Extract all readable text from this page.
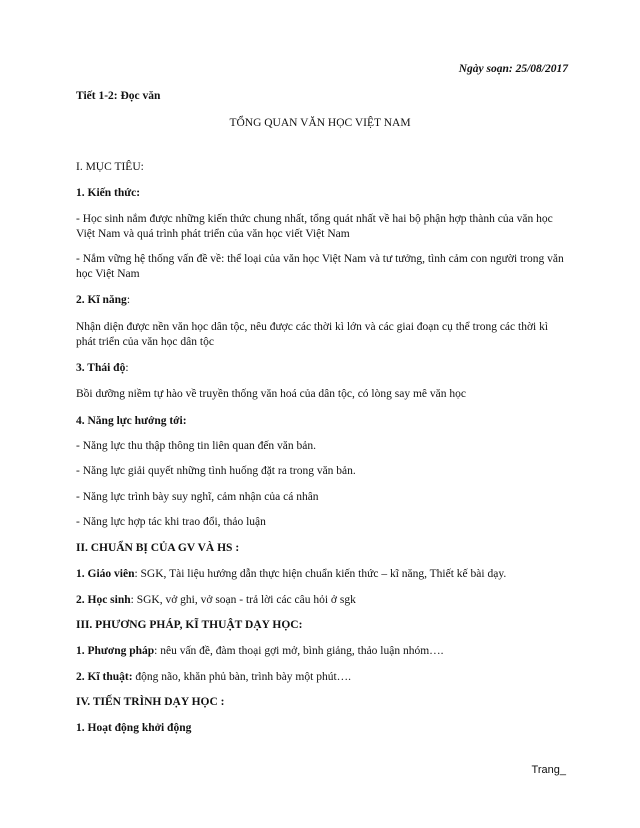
Ngày soạn: 25/08/2017

Tiết 1-2: Đọc văn

TỔNG QUAN VĂN HỌC VIỆT NAM

I. MỤC TIÊU:

1. Kiến thức:

- Học sinh nắm được những kiến thức chung nhất, tổng quát nhất về hai bộ phận hợp thành của văn học Việt Nam và quá trình phát triển của văn học viết Việt Nam

- Nắm vững hệ thống vấn đề về: thể loại của văn học Việt Nam và tư tưởng, tình cảm con người trong văn học Việt Nam

2. Kĩ năng:

Nhận diện được nền văn học dân tộc, nêu được các thời kì lớn và các giai đoạn cụ thể trong các thời kì phát triển của văn học dân tộc

3. Thái độ:

Bồi dưỡng niềm tự hào về truyền thống văn hoá của dân tộc, có lòng say mê văn học

4. Năng lực hướng tới:

- Năng lực thu thập thông tin liên quan đến văn bản.

- Năng lực giải quyết những tình huống đặt ra trong văn bản.

- Năng lực trình bày suy nghĩ, cảm nhận của cá nhân

- Năng lực hợp tác khi trao đổi, thảo luận

II. CHUẨN BỊ CỦA GV VÀ HS :

1. Giáo viên: SGK, Tài liệu hướng dẫn thực hiện chuẩn kiến thức – kĩ năng, Thiết kế bài dạy.

2. Học sinh: SGK, vở ghi, vở soạn - trả lời các câu hỏi ở sgk

III. PHƯƠNG PHÁP, KĨ THUẬT DẠY HỌC:

1. Phương pháp: nêu vấn đề, đàm thoại gợi mở, bình giảng, thảo luận nhóm….

2. Kĩ thuật: động não, khăn phủ bàn, trình bày một phút….

IV. TIẾN TRÌNH DẠY HỌC :

1. Hoạt động khởi động

Trang_
